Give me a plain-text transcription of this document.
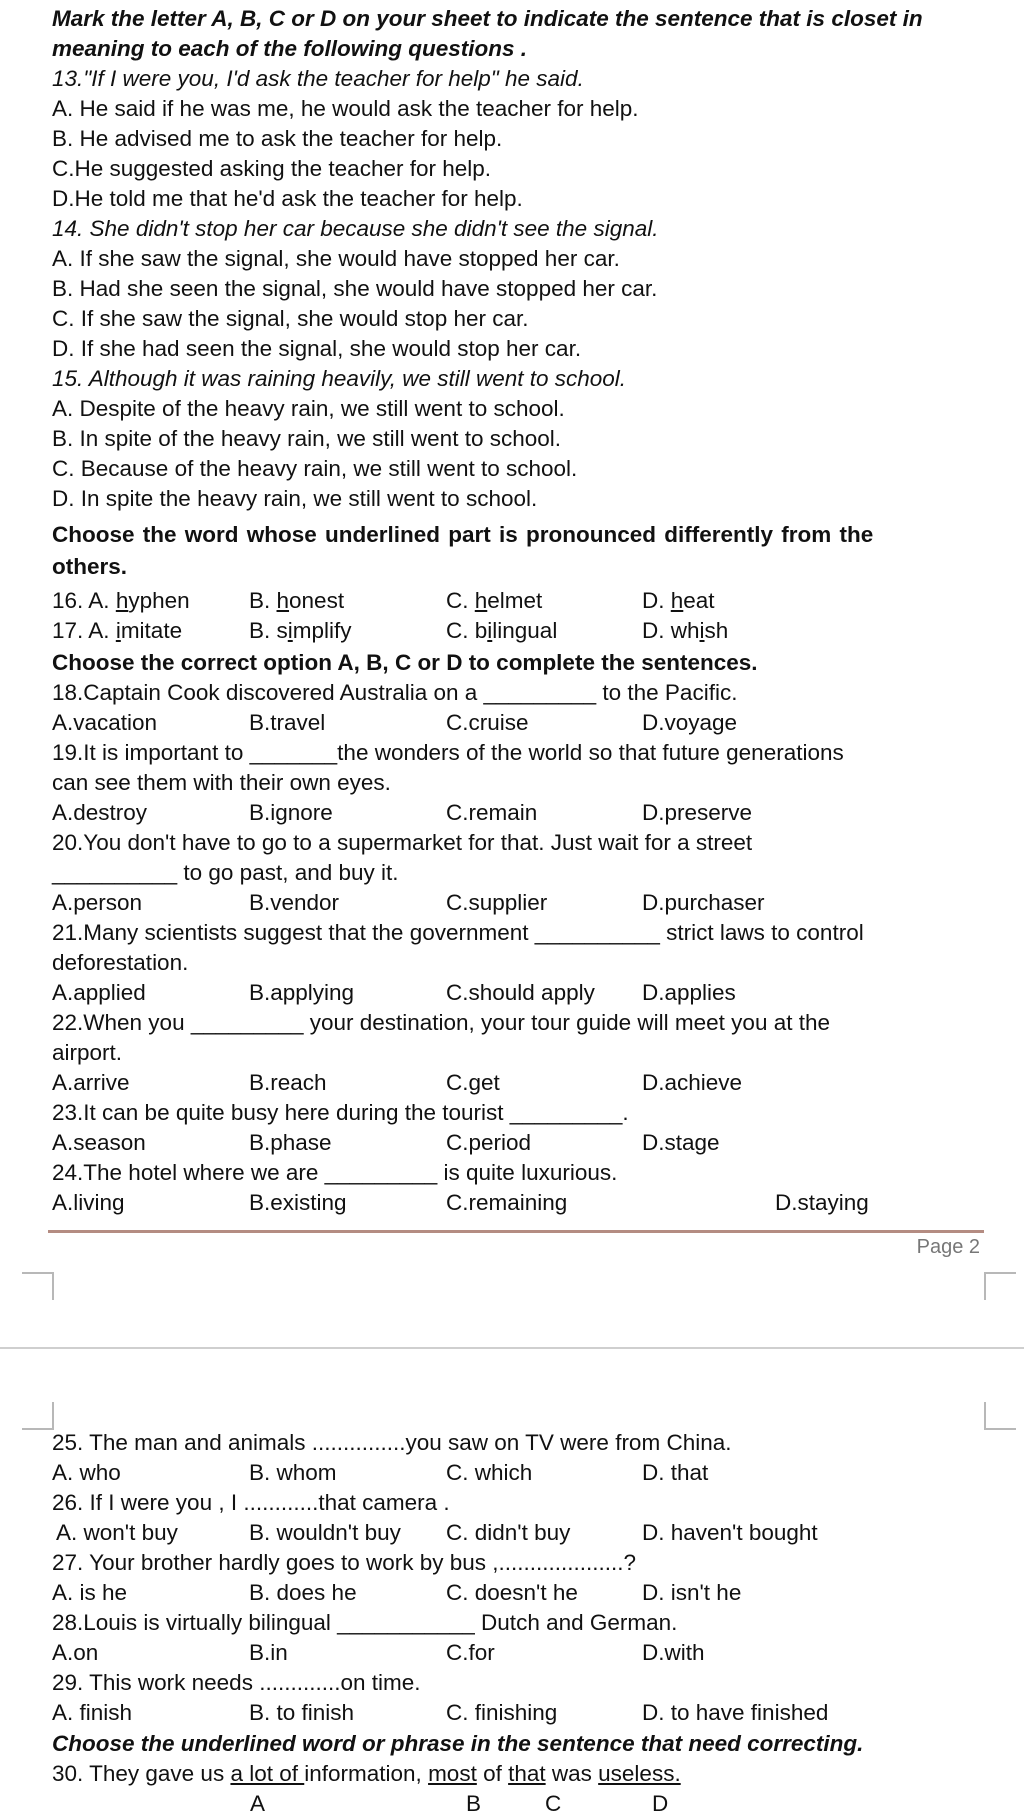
Mark the letter A, B, C or D on your sheet to indicate the sentence that is closet in
meaning to each of the following questions .
13."If I were you, I'd ask the teacher for help" he said.
A. He said if he was me, he would ask the teacher for help.
B. He advised me to ask the teacher for help.
C.He suggested asking the teacher for help.
D.He told me that he'd ask the teacher for help.
14. She didn't stop her car because she didn't see the signal.
A. If she saw the signal, she would have stopped her car.
B. Had she seen the signal, she would have stopped her car.
C. If she saw the signal, she would stop her car.
D. If she had seen the signal, she would stop her car.
15. Although it was raining heavily, we still went to school.
A. Despite of the heavy rain, we still went to school.
B. In spite of the heavy rain, we still went to school.
C. Because of the heavy rain, we still went to school.
D. In spite the heavy rain, we still went to school.
Choose the word whose underlined part is pronounced differently from the
others.
16. A. hyphen	B. honest	C. helmet	D. heat
17. A. imitate	B. simplify	C. bilingual	D. whish
Choose the correct option A, B, C or D to complete the sentences.
18.Captain Cook discovered Australia on a _________ to the Pacific.
A.vacation	B.travel	C.cruise	D.voyage
19.It is important to _______the wonders of the world so that future generations
can see them with their own eyes.
A.destroy	B.ignore	C.remain	D.preserve
20.You don't have to go to a supermarket for that. Just wait for a street
__________ to go past, and buy it.
A.person	B.vendor	C.supplier	D.purchaser
21.Many scientists suggest that the government __________ strict laws to control
deforestation.
A.applied	B.applying	C.should apply D.applies
22.When you _________ your destination, your tour guide will meet you at the
airport.
A.arrive	B.reach	C.get	D.achieve
23.It can be quite busy here during the tourist _________.
A.season	B.phase	C.period	D.stage
24.The hotel where we are _________ is quite luxurious.
A.living	B.existing	C.remaining	D.staying
Page 2
25. The man and animals ...............you saw on TV were from China.
A. who	B. whom	C. which	D. that
26. If I were you , I ............that camera .
A. won't buy	B. wouldn't buy C. didn't buy	D. haven't bought
27. Your brother hardly goes to work by bus ,....................?
A. is he	B. does he	C. doesn't he	D. isn't he
28.Louis is virtually bilingual ___________ Dutch and German.
A.on	B.in	C.for	D.with
29. This work needs .............on time.
A. finish	B. to finish	C. finishing	D. to have finished
Choose the underlined word or phrase in the sentence that need correcting.
30. They gave us a lot of information, most of that was useless.
A	B	C	D
